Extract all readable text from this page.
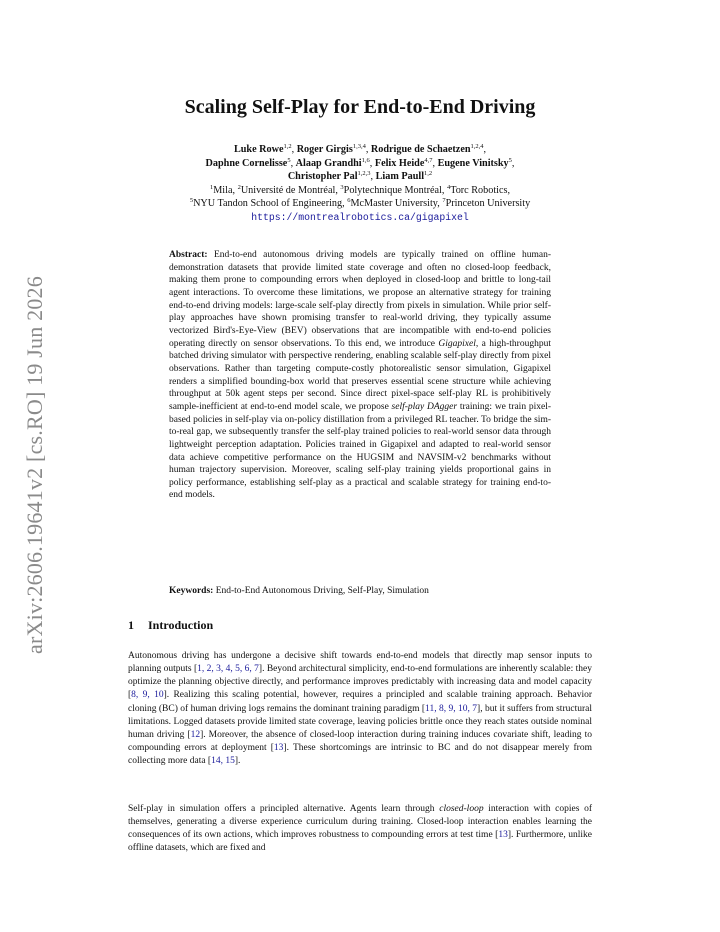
arXiv:2606.19641v2 [cs.RO] 19 Jun 2026
Scaling Self-Play for End-to-End Driving
Luke Rowe$^{1,2}$, Roger Girgis$^{1,3,4}$, Rodrigue de Schaetzen$^{1,2,4}$,
Daphne Cornelisse$^5$, Alaap Grandhi$^{1,6}$, Felix Heide$^{4,7}$, Eugene Vinitsky$^5$,
Christopher Pal$^{1,2,3}$, Liam Paull$^{1,2}$
$^1$Mila, $^2$Université de Montréal, $^3$Polytechnique Montréal, $^4$Torc Robotics,
$^5$NYU Tandon School of Engineering, $^6$McMaster University, $^7$Princeton University
https://montrealrobotics.ca/gigapixel
Abstract: End-to-end autonomous driving models are typically trained on offline human-demonstration datasets that provide limited state coverage and often no closed-loop feedback, making them prone to compounding errors when deployed in closed-loop and brittle to long-tail agent interactions. To overcome these limitations, we propose an alternative strategy for training end-to-end driving models: large-scale self-play directly from pixels in simulation. While prior self-play approaches have shown promising transfer to real-world driving, they typically assume vectorized Bird's-Eye-View (BEV) observations that are incompatible with end-to-end policies operating directly on sensor observations. To this end, we introduce Gigapixel, a high-throughput batched driving simulator with perspective rendering, enabling scalable self-play directly from pixel observations. Rather than targeting compute-costly photorealistic sensor simulation, Gigapixel renders a simplified bounding-box world that preserves essential scene structure while achieving throughput at 50k agent steps per second. Since direct pixel-space self-play RL is prohibitively sample-inefficient at end-to-end model scale, we propose self-play DAgger training: we train pixel-based policies in self-play via on-policy distillation from a privileged RL teacher. To bridge the sim-to-real gap, we subsequently transfer the self-play trained policies to real-world sensor data through lightweight perception adaptation. Policies trained in Gigapixel and adapted to real-world sensor data achieve competitive performance on the HUGSIM and NAVSIM-v2 benchmarks without human trajectory supervision. Moreover, scaling self-play training yields proportional gains in policy performance, establishing self-play as a practical and scalable strategy for training end-to-end models.
Keywords: End-to-End Autonomous Driving, Self-Play, Simulation
1 Introduction
Autonomous driving has undergone a decisive shift towards end-to-end models that directly map sensor inputs to planning outputs [1, 2, 3, 4, 5, 6, 7]. Beyond architectural simplicity, end-to-end formulations are inherently scalable: they optimize the planning objective directly, and performance improves predictably with increasing data and model capacity [8, 9, 10]. Realizing this scaling potential, however, requires a principled and scalable training approach. Behavior cloning (BC) of human driving logs remains the dominant training paradigm [11, 8, 9, 10, 7], but it suffers from structural limitations. Logged datasets provide limited state coverage, leaving policies brittle once they reach states outside nominal human driving [12]. Moreover, the absence of closed-loop interaction during training induces covariate shift, leading to compounding errors at deployment [13]. These shortcomings are intrinsic to BC and do not disappear merely from collecting more data [14, 15].
Self-play in simulation offers a principled alternative. Agents learn through closed-loop interaction with copies of themselves, generating a diverse experience curriculum during training. Closed-loop interaction enables learning the consequences of its own actions, which improves robustness to compounding errors at test time [13]. Furthermore, unlike offline datasets, which are fixed and
